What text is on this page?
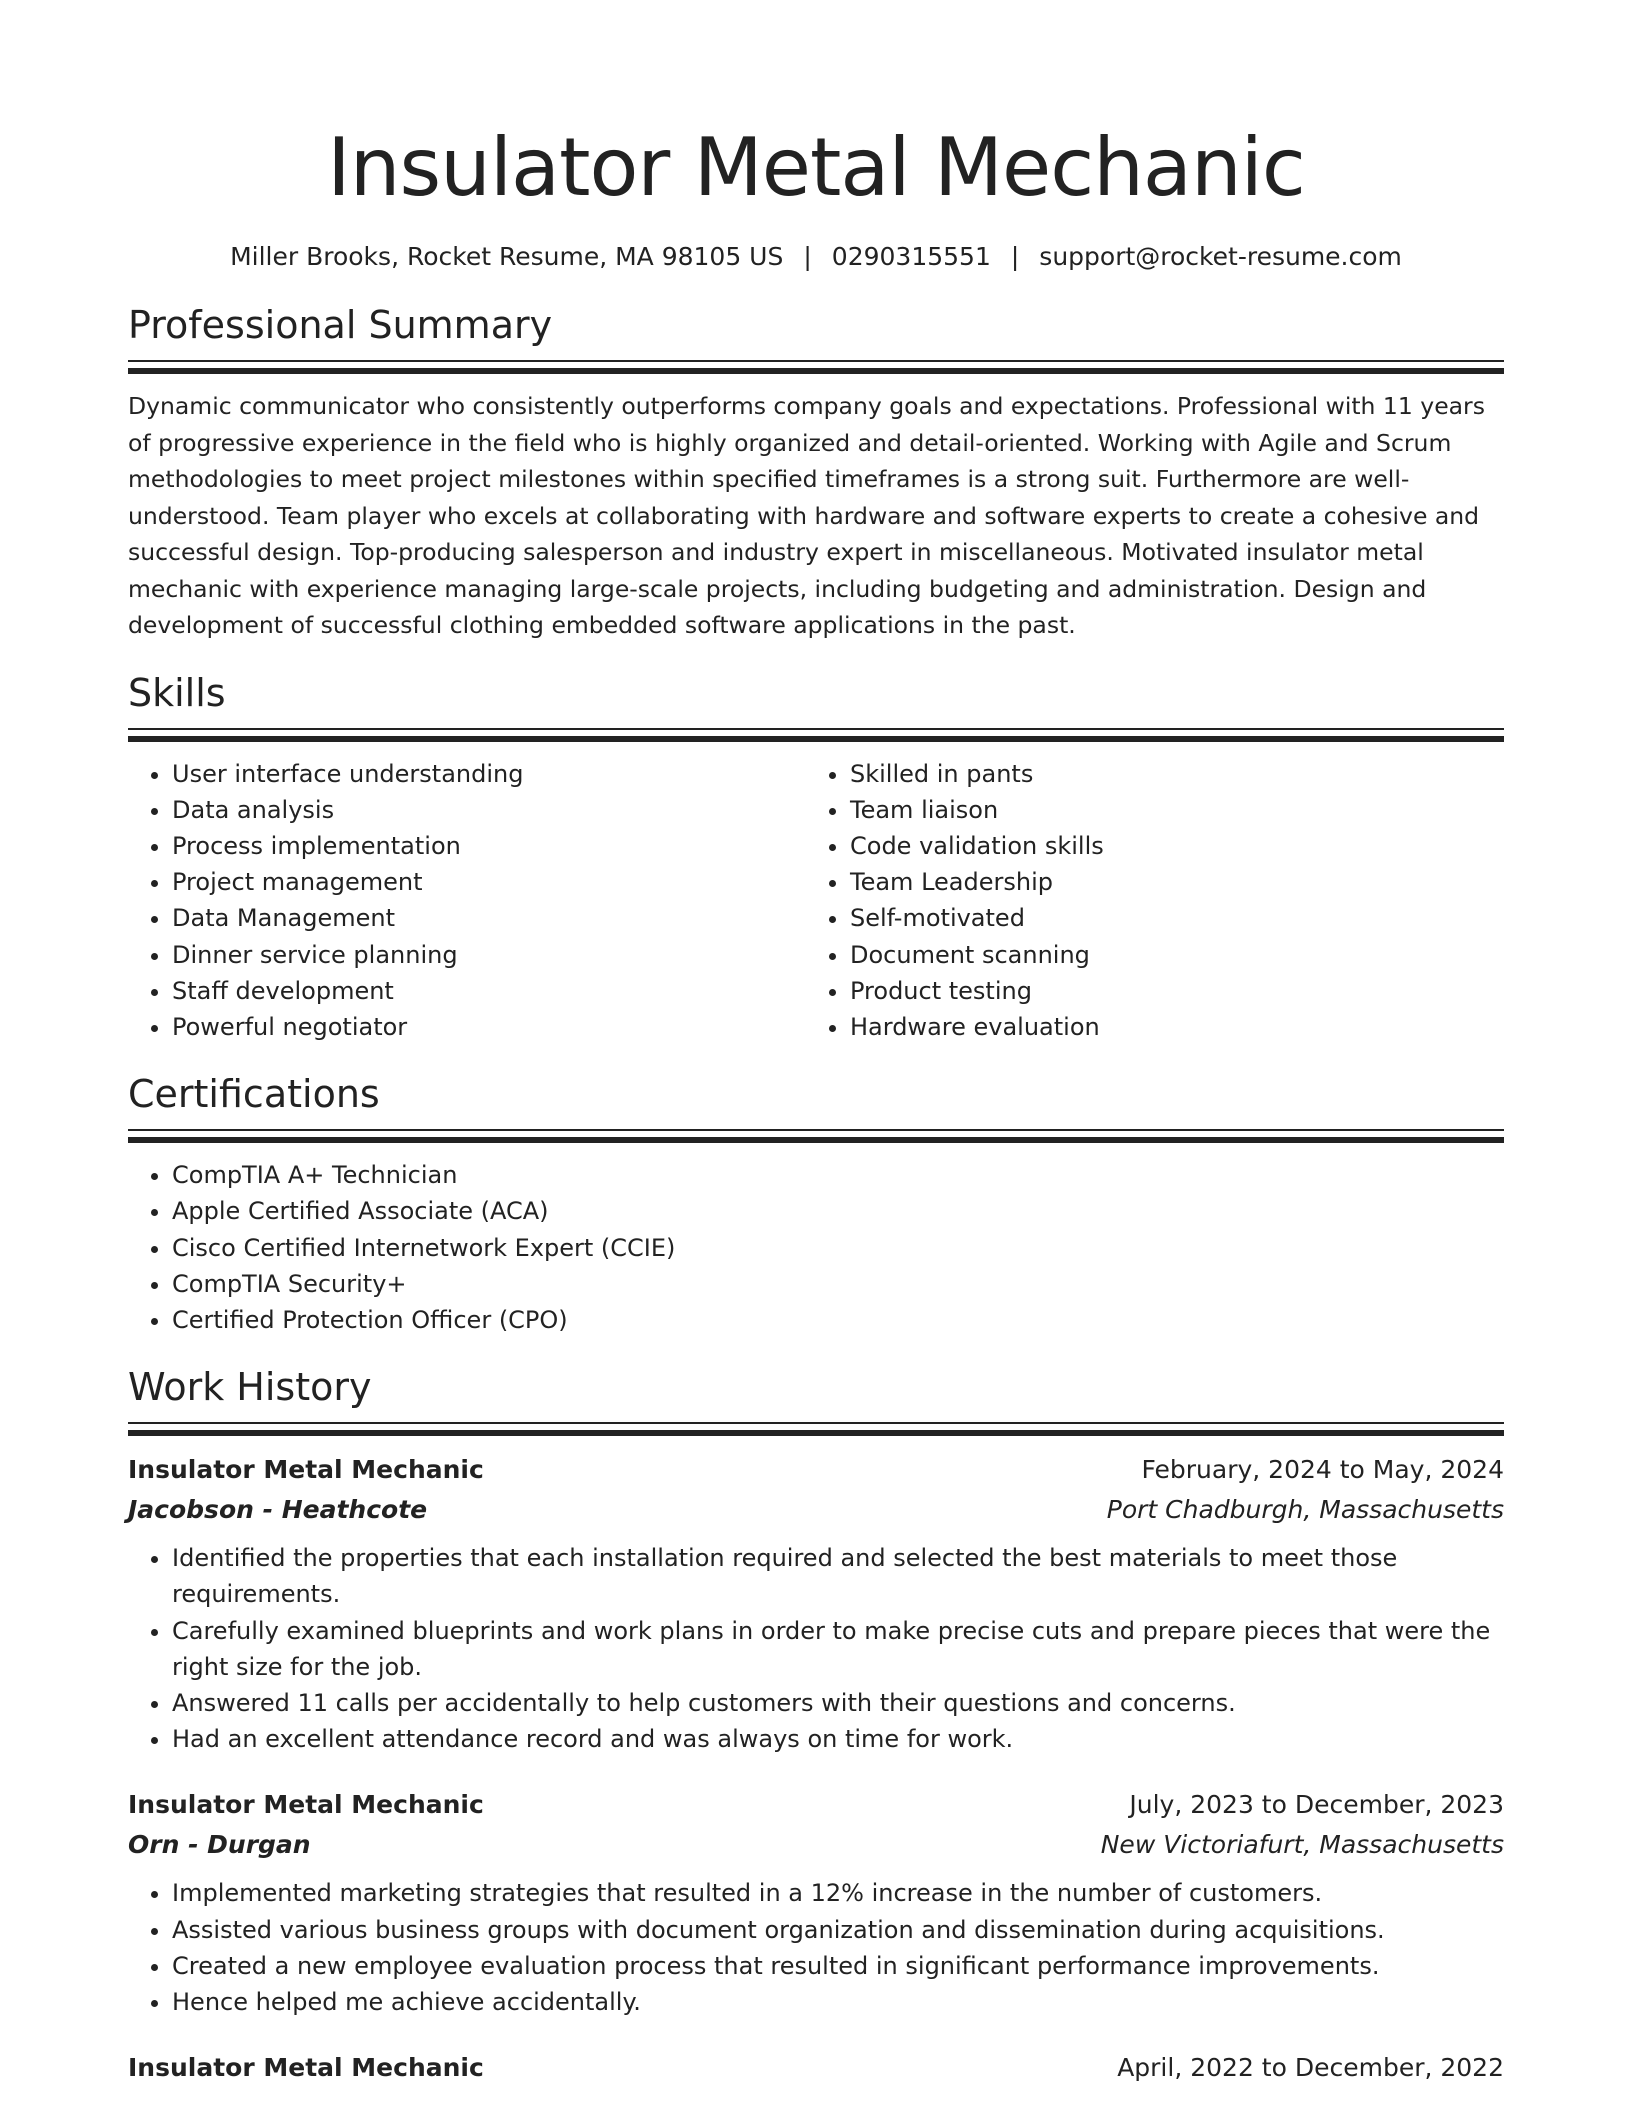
Insulator Metal Mechanic
Miller Brooks, Rocket Resume, MA 98105 US | 0290315551 | support@rocket-resume.com
Professional Summary
Dynamic communicator who consistently outperforms company goals and expectations. Professional with 11 years of progressive experience in the field who is highly organized and detail-oriented. Working with Agile and Scrum methodologies to meet project milestones within specified timeframes is a strong suit. Furthermore are well-understood. Team player who excels at collaborating with hardware and software experts to create a cohesive and successful design. Top-producing salesperson and industry expert in miscellaneous. Motivated insulator metal mechanic with experience managing large-scale projects, including budgeting and administration. Design and development of successful clothing embedded software applications in the past.
Skills
• User interface understanding
• Data analysis
• Process implementation
• Project management
• Data Management
• Dinner service planning
• Staff development
• Powerful negotiator
• Skilled in pants
• Team liaison
• Code validation skills
• Team Leadership
• Self-motivated
• Document scanning
• Product testing
• Hardware evaluation
Certifications
• CompTIA A+ Technician
• Apple Certified Associate (ACA)
• Cisco Certified Internetwork Expert (CCIE)
• CompTIA Security+
• Certified Protection Officer (CPO)
Work History
Insulator Metal Mechanic	February, 2024 to May, 2024
Jacobson - Heathcote	Port Chadburgh, Massachusetts
• Identified the properties that each installation required and selected the best materials to meet those requirements.
• Carefully examined blueprints and work plans in order to make precise cuts and prepare pieces that were the right size for the job.
• Answered 11 calls per accidentally to help customers with their questions and concerns.
• Had an excellent attendance record and was always on time for work.
Insulator Metal Mechanic	July, 2023 to December, 2023
Orn - Durgan	New Victoriafurt, Massachusetts
• Implemented marketing strategies that resulted in a 12% increase in the number of customers.
• Assisted various business groups with document organization and dissemination during acquisitions.
• Created a new employee evaluation process that resulted in significant performance improvements.
• Hence helped me achieve accidentally.
Insulator Metal Mechanic	April, 2022 to December, 2022
